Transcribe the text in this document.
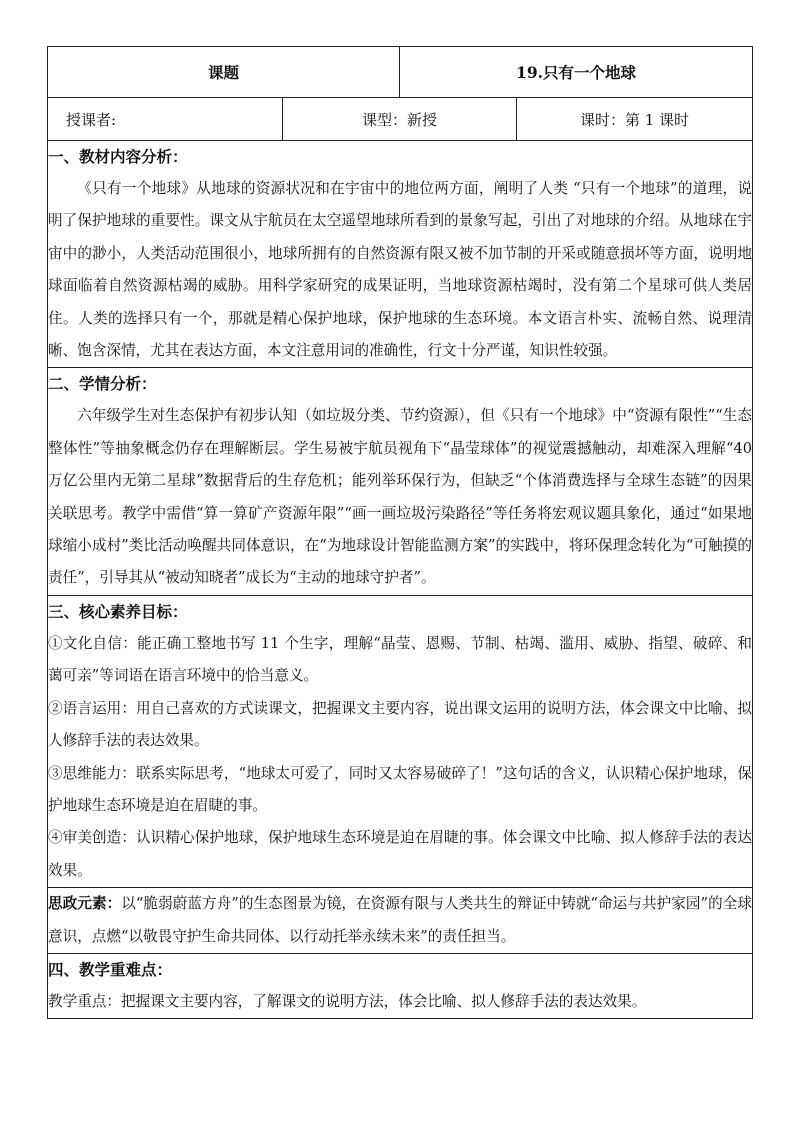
课题		19.只有一个地球	
授课者:	课型：新授		课时：第 1 课时

一、教材内容分析：

《只有一个地球》从地球的资源状况和在宇宙中的地位两方面，阐明了人类 “只有一个地球”的道理，说明了保护地球的重要性。课文从宇航员在太空遥望地球所看到的景象写起，引出了对地球的介绍。从地球在宇宙中的渺小，人类活动范围很小，地球所拥有的自然资源有限又被不加节制的开采或随意损坏等方面，说明地球面临着自然资源枯竭的威胁。用科学家研究的成果证明，当地球资源枯竭时，没有第二个星球可供人类居住。人类的选择只有一个，那就是精心保护地球，保护地球的生态环境。本文语言朴实、流畅自然、说理清晰、饱含深情，尤其在表达方面，本文注意用词的准确性，行文十分严谨，知识性较强。			

二、学情分析：

六年级学生对生态保护有初步认知（如垃圾分类、节约资源），但《只有一个地球》中“资源有限性”“生态整体性”等抽象概念仍存在理解断层。学生易被宇航员视角下“晶莹球体”的视觉震撼触动，却难深入理解“40 万亿公里内无第二星球”数据背后的生存危机；能列举环保行为，但缺乏“个体消费选择与全球生态链”的因果关联思考。教学中需借“算一算矿产资源年限”“画一画垃圾污染路径”等任务将宏观议题具象化，通过“如果地球缩小成村”类比活动唤醒共同体意识，在“为地球设计智能监测方案”的实践中，将环保理念转化为“可触摸的责任”，引导其从“被动知晓者”成长为“主动的地球守护者”。			

三、核心素养目标：

①文化自信：能正确工整地书写 11 个生字，理解“晶莹、恩赐、节制、枯竭、滥用、威胁、指望、破碎、和蔼可亲”等词语在语言环境中的恰当意义。

②语言运用：用自己喜欢的方式读课文，把握课文主要内容，说出课文运用的说明方法，体会课文中比喻、拟人修辞手法的表达效果。

③思维能力：联系实际思考，“地球太可爱了，同时又太容易破碎了！”这句话的含义，认识精心保护地球，保护地球生态环境是迫在眉睫的事。

④审美创造：认识精心保护地球，保护地球生态环境是迫在眉睫的事。体会课文中比喻、拟人修辞手法的表达效果。			

思政元素：以“脆弱蔚蓝方舟”的生态图景为镜，在资源有限与人类共生的辩证中铸就“命运与共护家园”的全球意识，点燃“以敬畏守护生命共同体、以行动托举永续未来”的责任担当。			

四、教学重难点：

教学重点：把握课文主要内容，了解课文的说明方法，体会比喻、拟人修辞手法的表达效果。			
